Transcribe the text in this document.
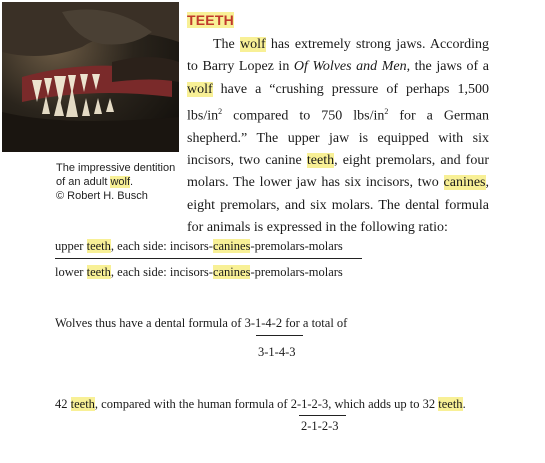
The impressive dentition
of an adult wolf.
© Robert H. Busch
TEETH
The wolf has extremely strong jaws. According to Barry Lopez in Of Wolves and Men, the jaws of a wolf have a “crushing pressure of perhaps 1,500 lbs/$in^2$ compared to 750 lbs/$in^2$ for a German shepherd.” The upper jaw is equipped with six incisors, two canine teeth, eight premolars, and four molars. The lower jaw has six incisors, two canines, eight premolars, and six molars. The dental formula for animals is expressed in the following ratio:
upper teeth, each side: incisors-canines-premolars-molars
lower teeth, each side: incisors-canines-premolars-molars
Wolves thus have a dental formula of 3-1-4-2 for a total of
3-1-4-3
42 teeth, compared with the human formula of 2-1-2-3, which adds up to 32 teeth.
2-1-2-3
